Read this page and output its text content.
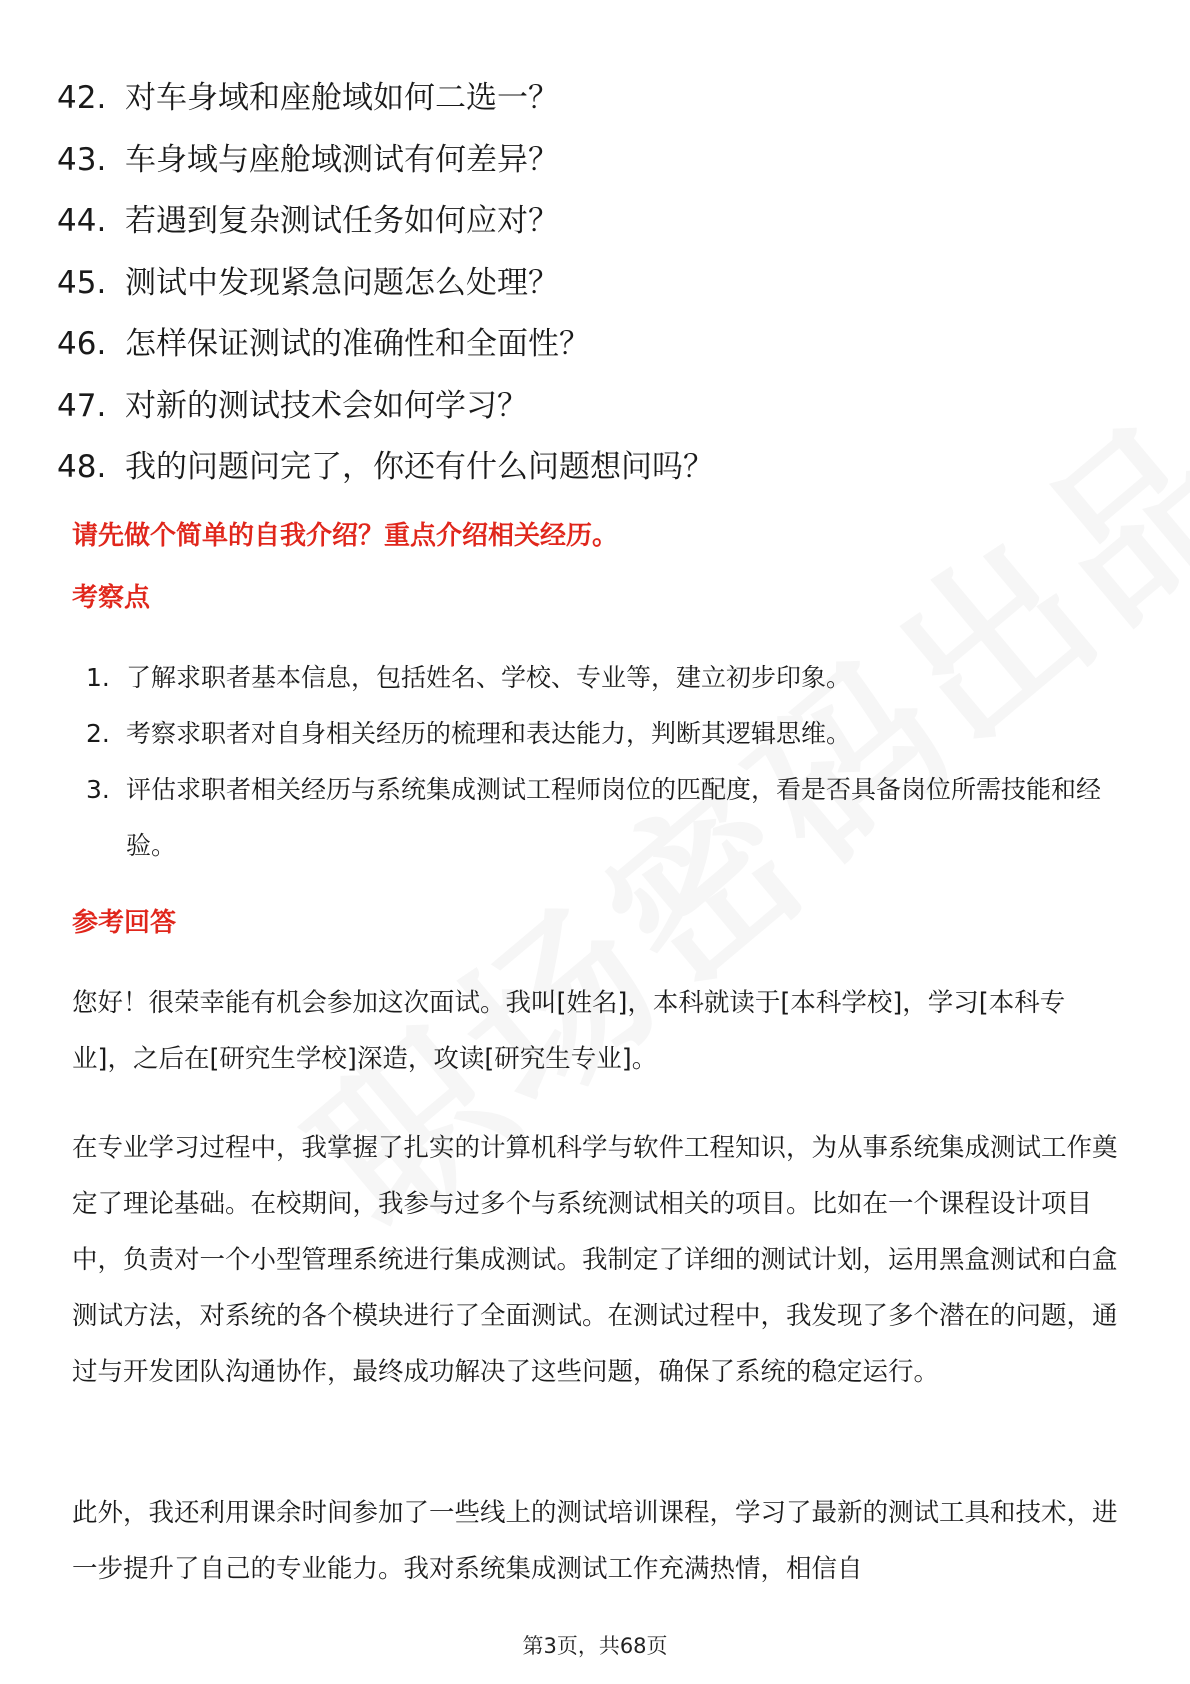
42. 对车身域和座舱域如何二选一？
43. 车身域与座舱域测试有何差异？
44. 若遇到复杂测试任务如何应对？
45. 测试中发现紧急问题怎么处理？
46. 怎样保证测试的准确性和全面性？
47. 对新的测试技术会如何学习？
48. 我的问题问完了，你还有什么问题想问吗？
请先做个简单的自我介绍？重点介绍相关经历。
考察点
1. 了解求职者基本信息，包括姓名、学校、专业等，建立初步印象。
2. 考察求职者对自身相关经历的梳理和表达能力，判断其逻辑思维。
3. 评估求职者相关经历与系统集成测试工程师岗位的匹配度，看是否具备岗位所需技能和经验。
参考回答

您好！很荣幸能有机会参加这次面试。我叫[姓名]，本科就读于[本科学校]，学习[本科专业]，之后在[研究生学校]深造，攻读[研究生专业]。

在专业学习过程中，我掌握了扎实的计算机科学与软件工程知识，为从事系统集成测试工作奠定了理论基础。在校期间，我参与过多个与系统测试相关的项目。比如在一个课程设计项目中，负责对一个小型管理系统进行集成测试。我制定了详细的测试计划，运用黑盒测试和白盒测试方法，对系统的各个模块进行了全面测试。在测试过程中，我发现了多个潜在的问题，通过与开发团队沟通协作，最终成功解决了这些问题，确保了系统的稳定运行。

此外，我还利用课余时间参加了一些线上的测试培训课程，学习了最新的测试工具和技术，进一步提升了自己的专业能力。我对系统集成测试工作充满热情，相信自

第3页，共68页
